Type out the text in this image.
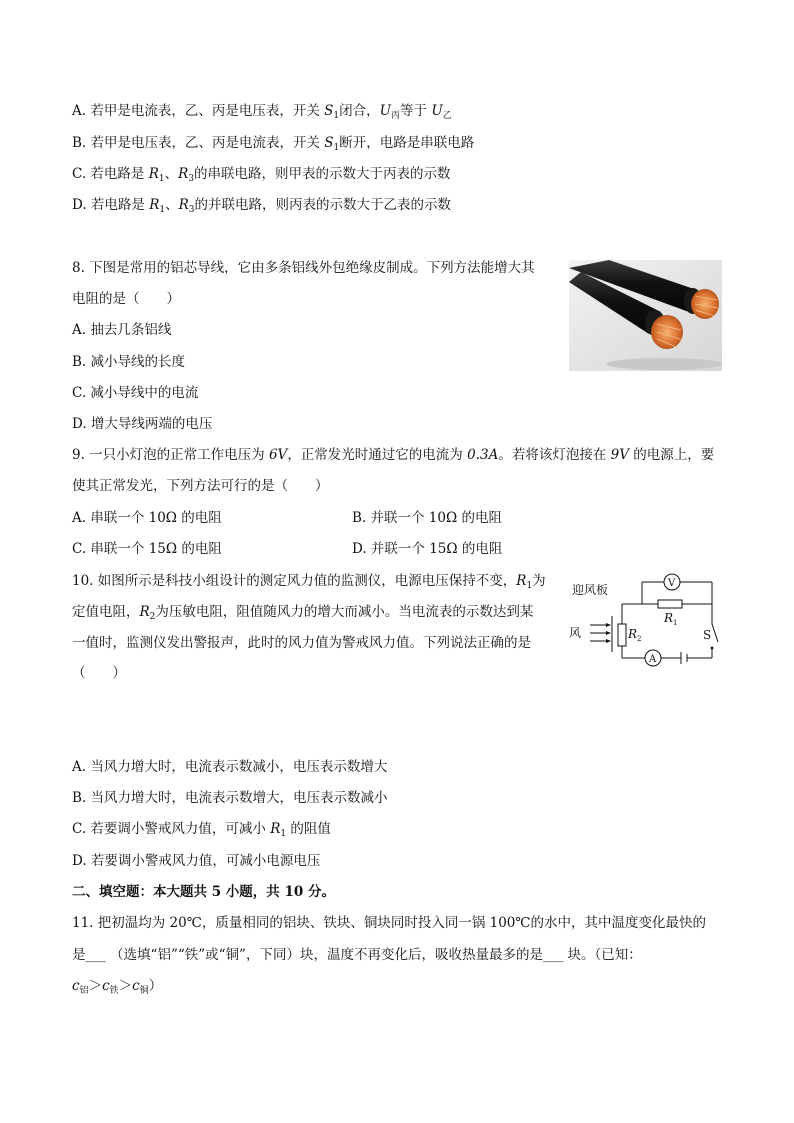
A. 若甲是电流表，乙、丙是电压表，开关 $S_1$闭合，$U_丙$等于 $U_乙$
B. 若甲是电压表，乙、丙是电流表，开关 $S_1$断开，电路是串联电路
C. 若电路是 $R_1$、$R_3$的串联电路，则甲表的示数大于丙表的示数
D. 若电路是 $R_1$、$R_3$的并联电路，则丙表的示数大于乙表的示数
8. 下图是常用的铝芯导线，它由多条铝线外包绝缘皮制成。下列方法能增大其
电阻的是（　　）
A. 抽去几条铝线
B. 减小导线的长度
C. 减小导线中的电流
D. 增大导线两端的电压
9. 一只小灯泡的正常工作电压为 6V，正常发光时通过它的电流为 0.3A。若将该灯泡接在 9V 的电源上，要
使其正常发光，下列方法可行的是（　　）
A. 串联一个 10Ω 的电阻	B. 并联一个 10Ω 的电阻
C. 串联一个 15Ω 的电阻	D. 并联一个 15Ω 的电阻
10. 如图所示是科技小组设计的测定风力值的监测仪，电源电压保持不变，$R_1$为
定值电阻，$R_2$为压敏电阻，阻值随风力的增大而减小。当电流表的示数达到某
一值时，监测仪发出警报声，此时的风力值为警戒风力值。下列说法正确的是
（　　）
迎风板
风
V
A
R 1
R 2	S
A. 当风力增大时，电流表示数减小，电压表示数增大
B. 当风力增大时，电流表示数增大，电压表示数减小
C. 若要调小警戒风力值，可减小 $R_1$ 的阻值
D. 若要调小警戒风力值，可减小电源电压
二、填空题：本大题共 5 小题，共 10 分。
11. 把初温均为 20℃，质量相同的铝块、铁块、铜块同时投入同一锅 100℃的水中，其中温度变化最快的
是___ （选填“铝”“铁”或“铜”，下同）块，温度不再变化后，吸收热量最多的是___ 块。（已知：
$c_铝>c_铁>c_铜$）
